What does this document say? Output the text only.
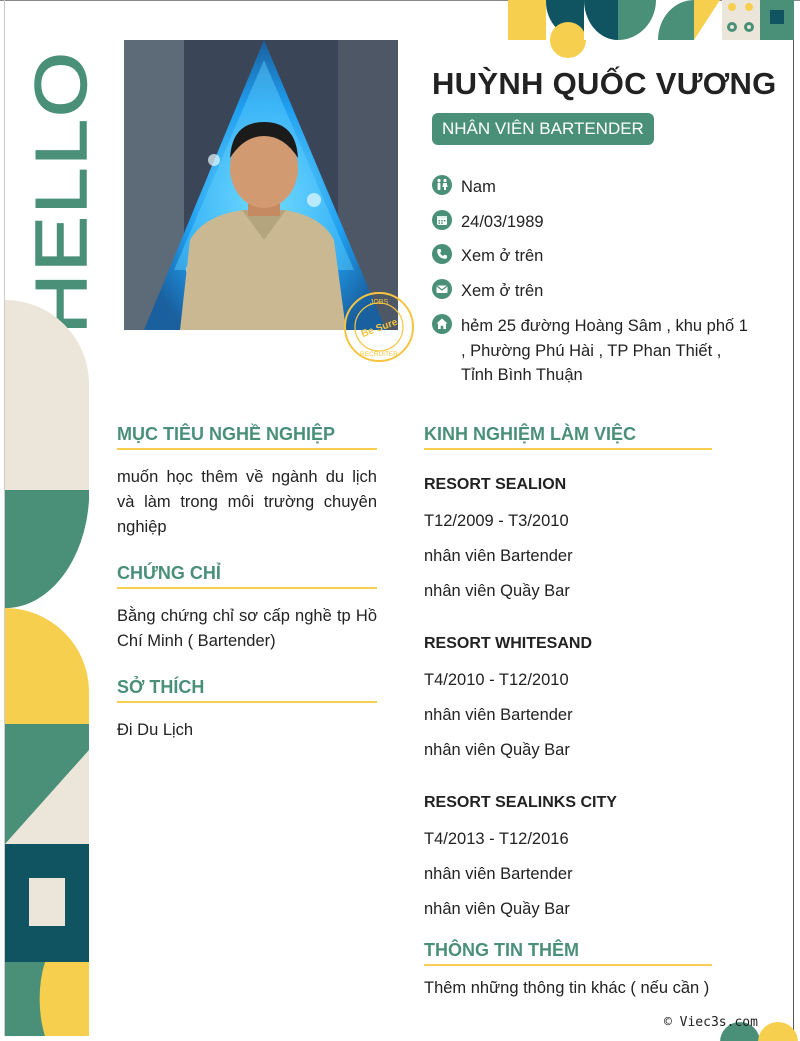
HELLO	JOBS
Be Sure
RECRUITER
HUỲNH QUỐC VƯƠNG
NHÂN VIÊN BARTENDER
Nam
24/03/1989
Xem ở trên
Xem ở trên
hẻm 25 đường Hoàng Sâm , khu phố 1 , Phường Phú Hài , TP Phan Thiết , Tỉnh Bình Thuận
MỤC TIÊU NGHỀ NGHIỆP
muốn học thêm về ngành du lịch và làm trong môi trường chuyên nghiệp
CHỨNG CHỈ
Bằng chứng chỉ sơ cấp nghề tp Hồ Chí Minh ( Bartender)
SỞ THÍCH
Đi Du Lịch
KINH NGHIỆM LÀM VIỆC
RESORT SEALION
T12/2009 - T3/2010
nhân viên Bartender
nhân viên Quầy Bar
RESORT WHITESAND
T4/2010 - T12/2010
nhân viên Bartender
nhân viên Quầy Bar
RESORT SEALINKS CITY
T4/2013 - T12/2016
nhân viên Bartender
nhân viên Quầy Bar
THÔNG TIN THÊM
Thêm những thông tin khác ( nếu cần )
© Viec3s.com
